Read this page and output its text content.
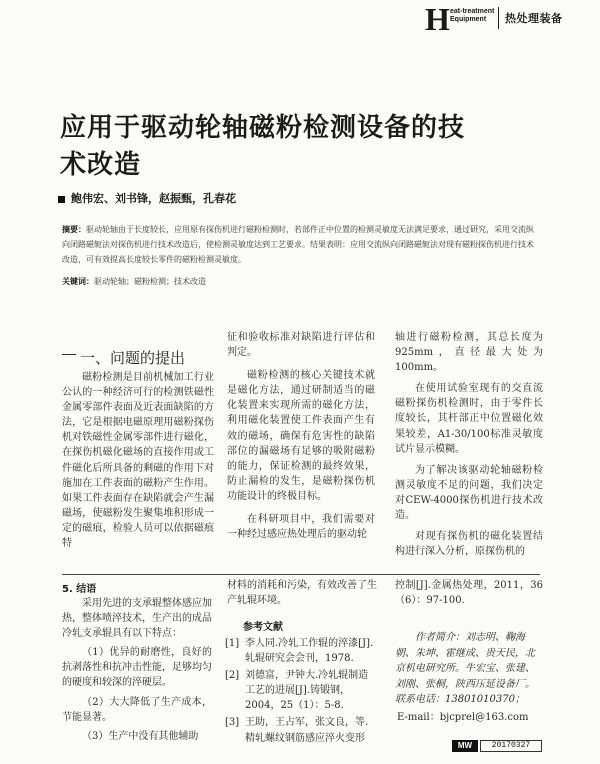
H eat-treatment
Equipment	热处理装备
应用于驱动轮轴磁粉检测设备的技术改造
鲍伟宏、刘书锋，赵振甄，孔春花
摘要：驱动轮轴由于长度较长，应用原有探伤机进行磁粉检测时，若部件正中位置的检测灵敏度无法满足要求，通过研究，采用交流纵向闭路磁轭法对探伤机进行技术改造后，使检测灵敏度达到工艺要求。结果表明：应用交流纵向闭路磁轭法对现有磁粉探伤机进行技术改造，可有效提高长度较长零件的磁粉检测灵敏度。
关键词：驱动轮轴；磁粉检测；技术改造
一、问题的提出

磁粉检测是目前机械加工行业公认的一种经济可行的检测铁磁性金属零部件表面及近表面缺陷的方法，它是根据电磁原理用磁粉探伤机对铁磁性金属零部件进行磁化，在探伤机磁化磁场的直接作用或工件磁化后所具备的剩磁的作用下对施加在工件表面的磁粉产生作用。如果工件表面存在缺陷就会产生漏磁场，使磁粉发生聚集堆积形成一定的磁痕，检验人员可以依据磁痕特

征和验收标准对缺陷进行评估和判定。

磁粉检测的核心关键技术就是磁化方法，通过研制适当的磁化装置来实现所需的磁化方法，利用磁化装置使工件表面产生有效的磁场，确保有危害性的缺陷部位的漏磁场有足够的吸附磁粉的能力，保证检测的最终效果，防止漏检的发生，是磁粉探伤机功能设计的终极目标。

在科研项目中，我们需要对一种经过感应热处理后的驱动轮

轴进行磁粉检测，其总长度为925mm，直径最大处为100mm。

在使用试验室现有的交直流磁粉探伤机检测时，由于零件长度较长，其杆部正中位置磁化效果较差，A1-30/100标准灵敏度试片显示模糊。

为了解决该驱动轮轴磁粉检测灵敏度不足的问题，我们决定对CEW-4000探伤机进行技术改造。

对现有探伤机的磁化装置结构进行深入分析，原探伤机的

5. 结语

采用先进的支承辊整体感应加热，整体喷淬技术，生产出的成品冷轧支承辊具有以下特点：

（1）优异的耐磨性，良好的抗剥落性和抗冲击性能，足够均匀的硬度和较深的淬硬层。

（2）大大降低了生产成本，节能显著。

（3）生产中没有其他辅助

材料的消耗和污染，有效改善了生产轧辊环境。

参考文献
[1] 李人同.冷轧工作辊的淬漆[J].轧辊研究会会刊，1978.
[2] 刘德富，尹钟大.冷轧辊制造工艺的进展[J].铸锻钢，2004，25（1）：5-8.
[3] 王助，王占军，张文良，等.精轧螺纹钢筋感应淬火变形

控制[J].金属热处理，2011，36（6）：97-100.

作者简介：刘志明、鞠海朝、朱坤、霍继成、贵天民，北京机电研究所。牛宏宝、张建、刘刚、张桐，陕西压延设备厂。联系电话：13801010370；

E-mail：bjcprel@163.com
MW	20170327
